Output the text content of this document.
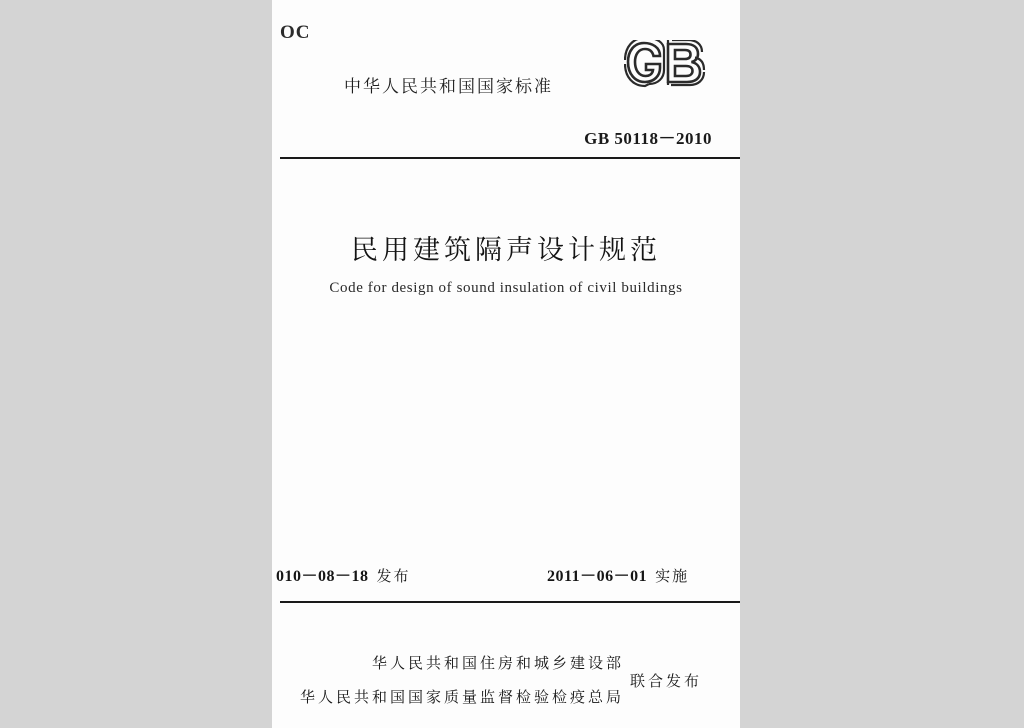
OC
中华人民共和国国家标准
GB 50118－2010
民用建筑隔声设计规范
Code for design of sound insulation of civil buildings
010－08－18 发布	2011－06－01 实施
华人民共和国住房和城乡建设部
华人民共和国国家质量监督检验检疫总局
联合发布
